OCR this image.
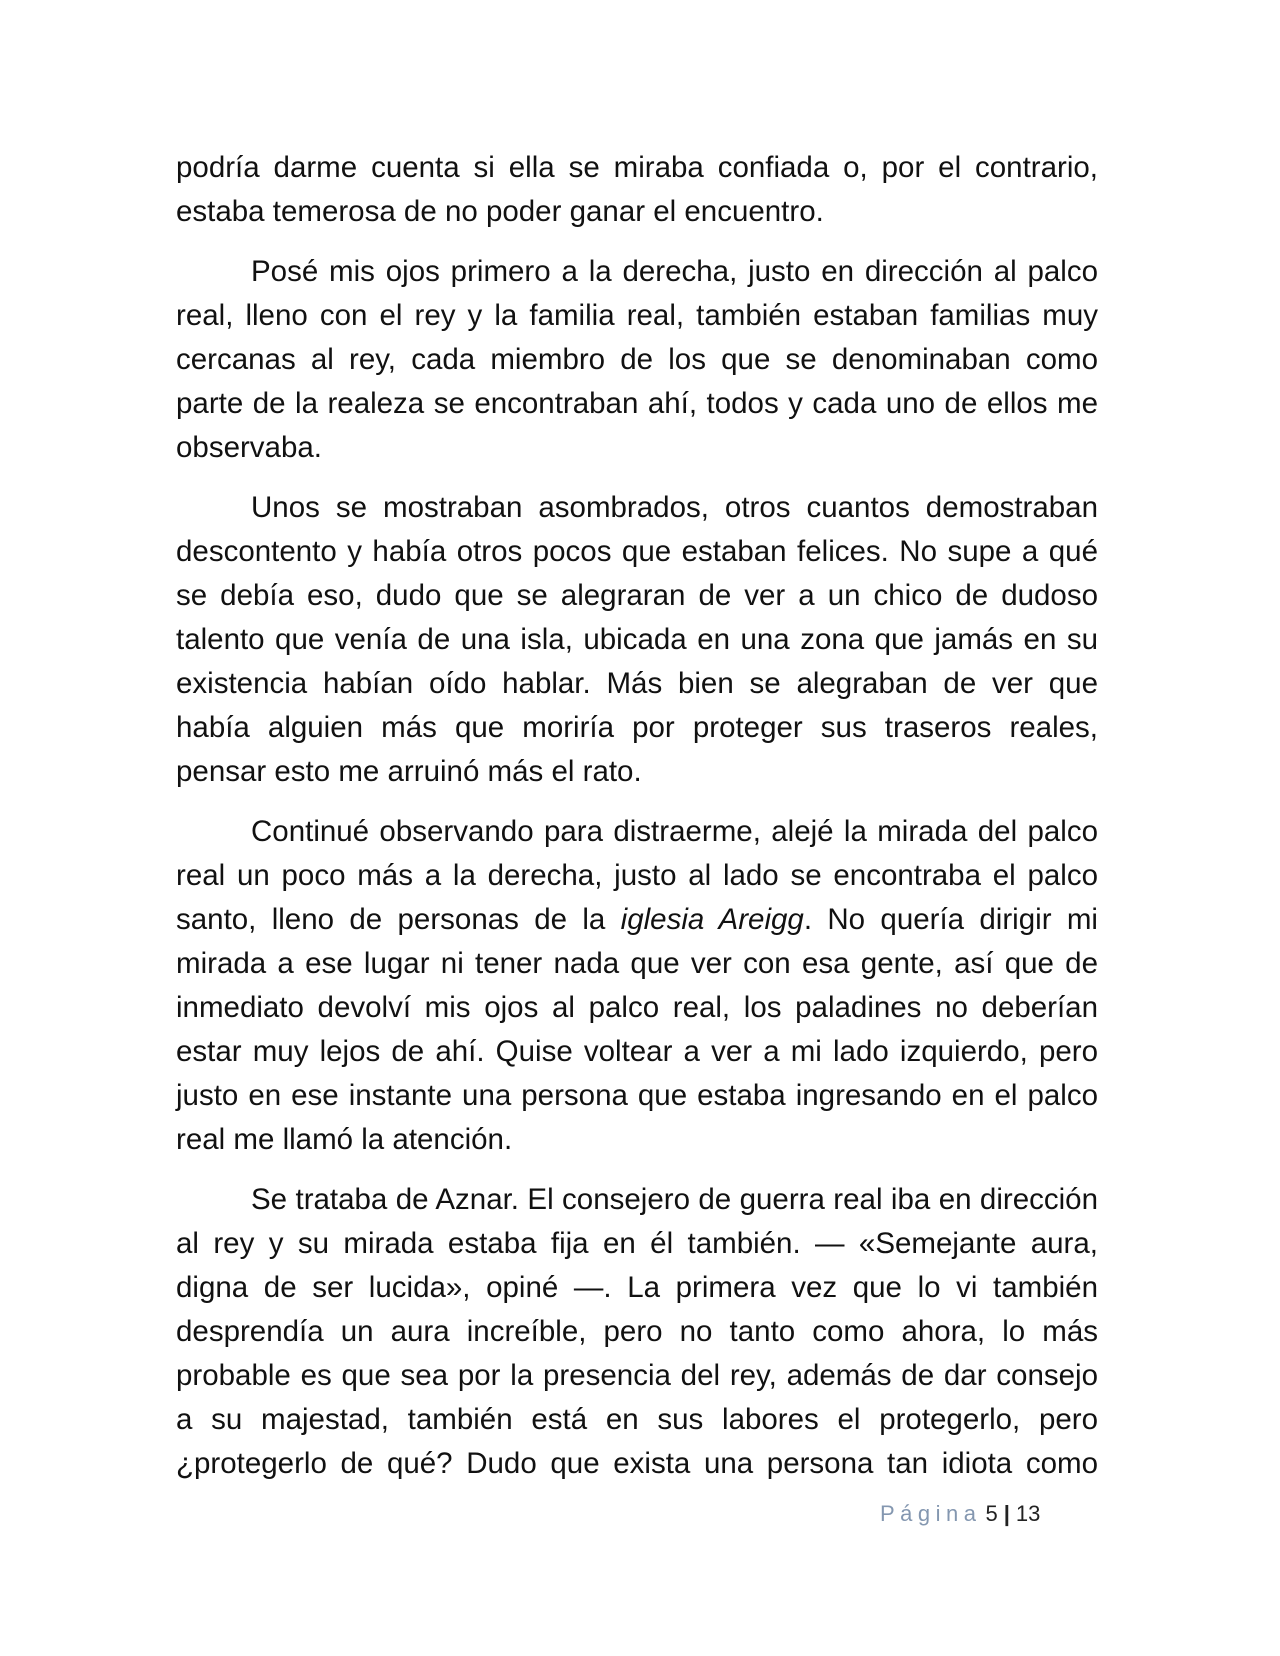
podría darme cuenta si ella se miraba confiada o, por el contrario, estaba temerosa de no poder ganar el encuentro.

Posé mis ojos primero a la derecha, justo en dirección al palco real, lleno con el rey y la familia real, también estaban familias muy cercanas al rey, cada miembro de los que se denominaban como parte de la realeza se encontraban ahí, todos y cada uno de ellos me observaba.

Unos se mostraban asombrados, otros cuantos demostraban descontento y había otros pocos que estaban felices. No supe a qué se debía eso, dudo que se alegraran de ver a un chico de dudoso talento que venía de una isla, ubicada en una zona que jamás en su existencia habían oído hablar. Más bien se alegraban de ver que había alguien más que moriría por proteger sus traseros reales, pensar esto me arruinó más el rato.

Continué observando para distraerme, alejé la mirada del palco real un poco más a la derecha, justo al lado se encontraba el palco santo, lleno de personas de la iglesia Areigg. No quería dirigir mi mirada a ese lugar ni tener nada que ver con esa gente, así que de inmediato devolví mis ojos al palco real, los paladines no deberían estar muy lejos de ahí. Quise voltear a ver a mi lado izquierdo, pero justo en ese instante una persona que estaba ingresando en el palco real me llamó la atención.

Se trataba de Aznar. El consejero de guerra real iba en dirección al rey y su mirada estaba fija en él también. — «Semejante aura, digna de ser lucida», opiné —. La primera vez que lo vi también desprendía un aura increíble, pero no tanto como ahora, lo más probable es que sea por la presencia del rey, además de dar consejo a su majestad, también está en sus labores el protegerlo, pero ¿protegerlo de qué? Dudo que exista una persona tan idiota como

Página 5 | 13
